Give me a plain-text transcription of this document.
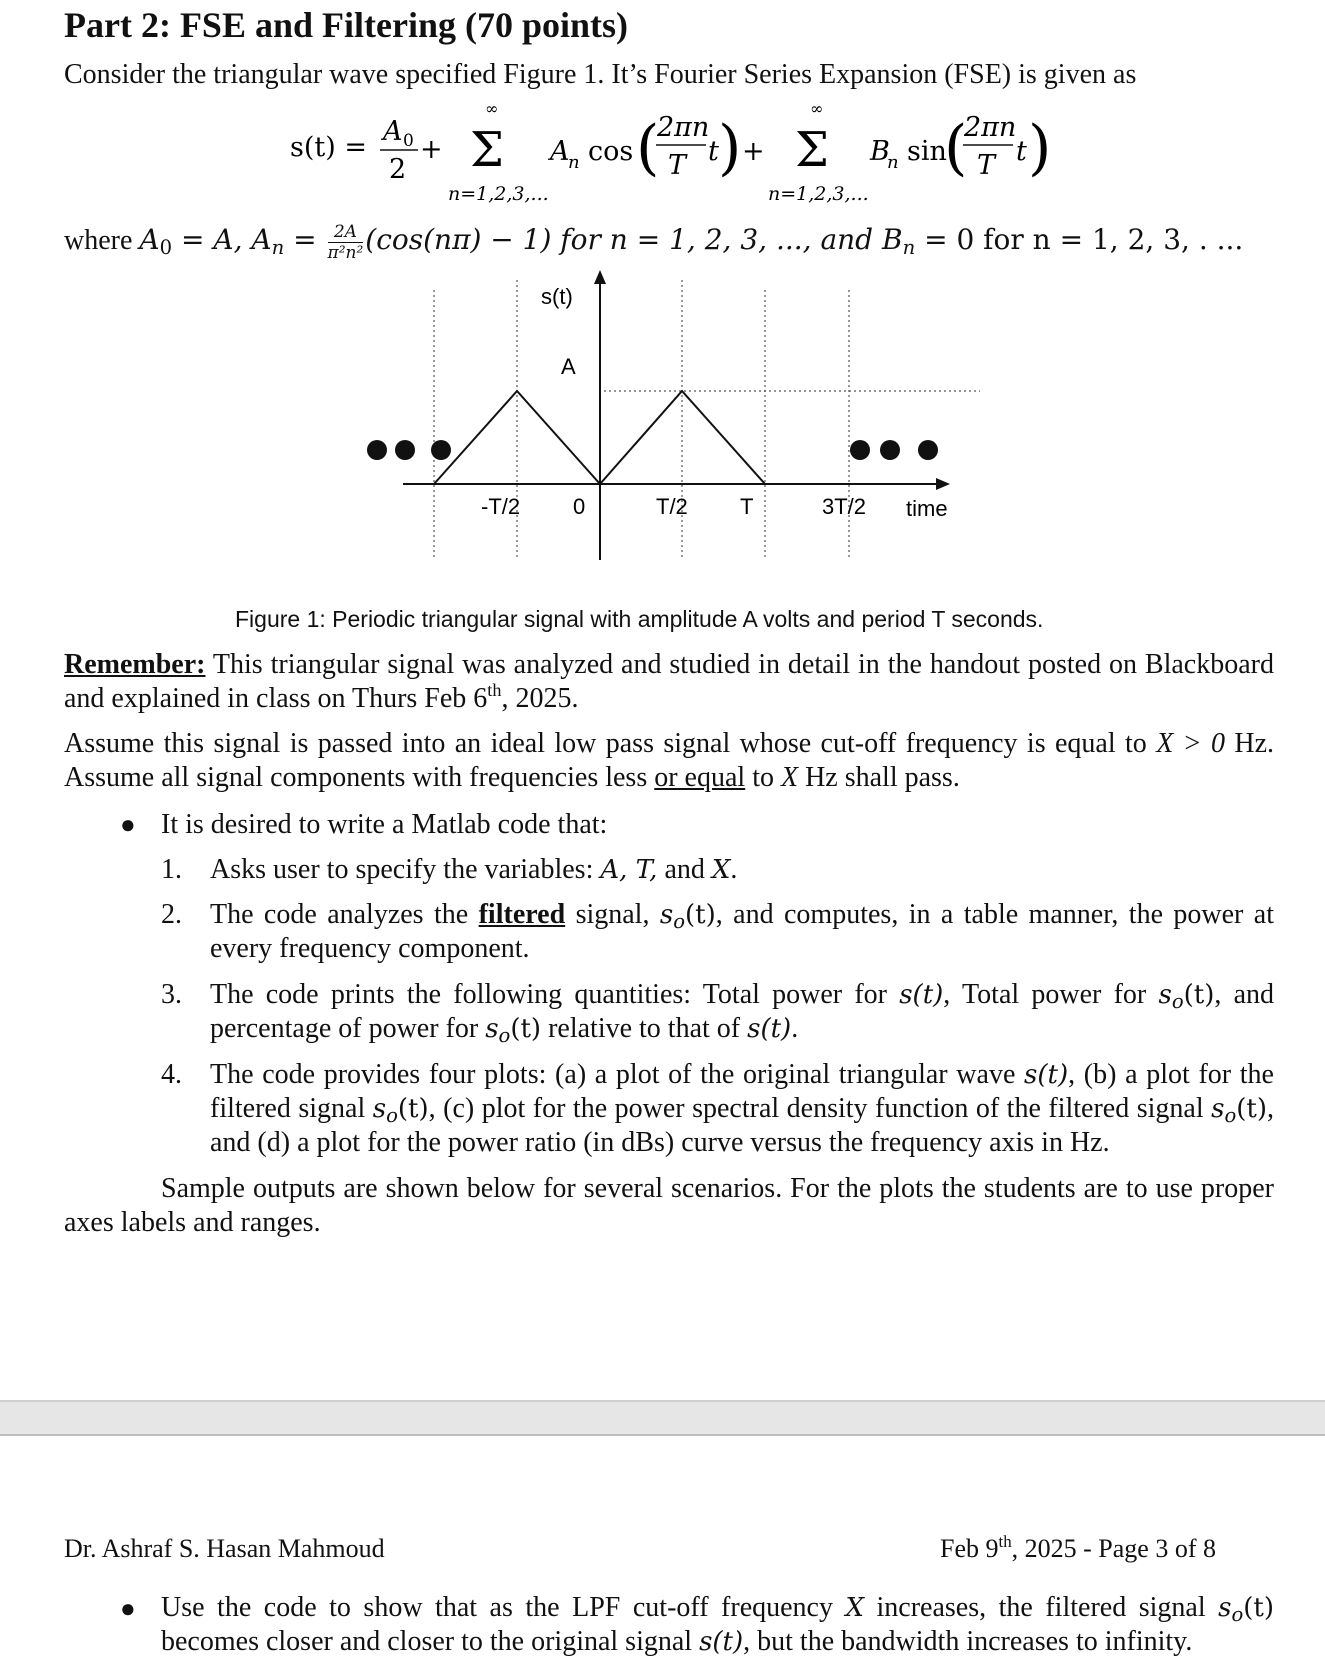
Part 2: FSE and Filtering (70 points)
Consider the triangular wave specified Figure 1. It’s Fourier Series Expansion (FSE) is given as
s(t) =
A 0
2
+
∞
Σ
n=1,2,3,...
A
n cos (
2πn
T t ) +
∞
Σ
n=1,2,3,...
B
n sin
(
2πn
T t )
where $A_0 = A$, $A_n = \frac{2A}{\text{π²n²}} (\cos(n\pi) - 1)$ for n = 1, 2, 3, ..., and $B_n = 0$ for n = 1, 2, 3, . ...
s(t)
A
-T/2 0	T/2 T	3T/2 time
Figure 1: Periodic triangular signal with amplitude A volts and period T seconds.
Remember: This triangular signal was analyzed and studied in detail in the handout posted on Blackboard and explained in class on Thurs Feb 6th, 2025.
Assume this signal is passed into an ideal low pass signal whose cut-off frequency is equal to X > 0 Hz. Assume all signal components with frequencies less or equal to X Hz shall pass.
● It is desired to write a Matlab code that:
1. Asks user to specify the variables: A, T, and X.
2. The code analyzes the filtered signal, $s_o(t)$, and computes, in a table manner, the power at every frequency component.
3. The code prints the following quantities: Total power for s(t), Total power for $s_o(t)$, and percentage of power for $s_o(t)$ relative to that of s(t).
4. The code provides four plots: (a) a plot of the original triangular wave s(t), (b) a plot for the filtered signal $s_o(t)$, (c) plot for the power spectral density function of the filtered signal $s_o(t)$, and (d) a plot for the power ratio (in dBs) curve versus the frequency axis in Hz.
Sample outputs are shown below for several scenarios. For the plots the students are to use proper axes labels and ranges.
Dr. Ashraf S. Hasan Mahmoud	Feb 9th, 2025 - Page 3 of 8
● Use the code to show that as the LPF cut-off frequency X increases, the filtered signal $s_o(t)$ becomes closer and closer to the original signal s(t), but the bandwidth increases to infinity.
